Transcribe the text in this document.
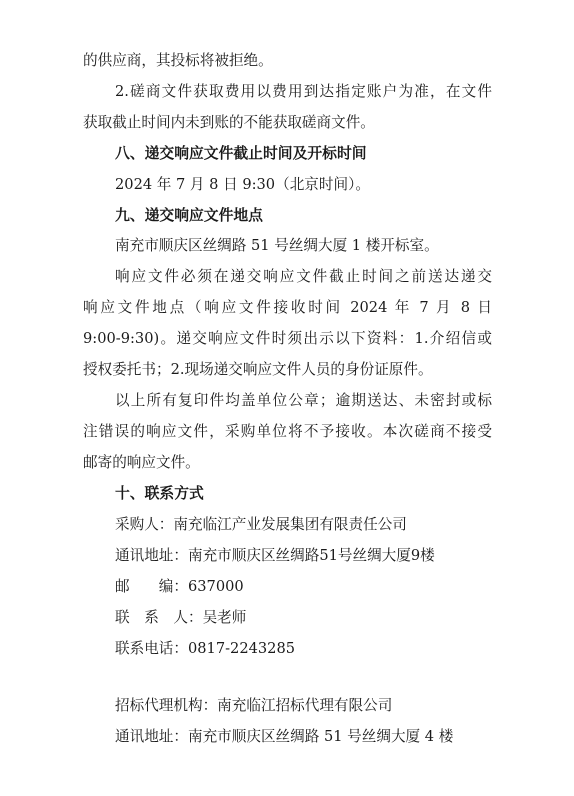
的供应商，其投标将被拒绝。
2.磋商文件获取费用以费用到达指定账户为准，在文件
获取截止时间内未到账的不能获取磋商文件。
八、递交响应文件截止时间及开标时间
2024 年 7 月 8 日 9:30（北京时间）。
九、递交响应文件地点
南充市顺庆区丝绸路 51 号丝绸大厦 1 楼开标室。
响应文件必须在递交响应文件截止时间之前送达递交
响应文件地点（响应文件接收时间 2024 年 7 月 8 日
9:00-9:30)。递交响应文件时须出示以下资料：1.介绍信或
授权委托书；2.现场递交响应文件人员的身份证原件。
以上所有复印件均盖单位公章；逾期送达、未密封或标
注错误的响应文件，采购单位将不予接收。本次磋商不接受
邮寄的响应文件。
十、联系方式
采购人：南充临江产业发展集团有限责任公司
通讯地址：南充市顺庆区丝绸路51号丝绸大厦9楼
邮　　编：637000
联　系　人：吴老师
联系电话：0817-2243285
招标代理机构：南充临江招标代理有限公司
通讯地址：南充市顺庆区丝绸路 51 号丝绸大厦 4 楼
